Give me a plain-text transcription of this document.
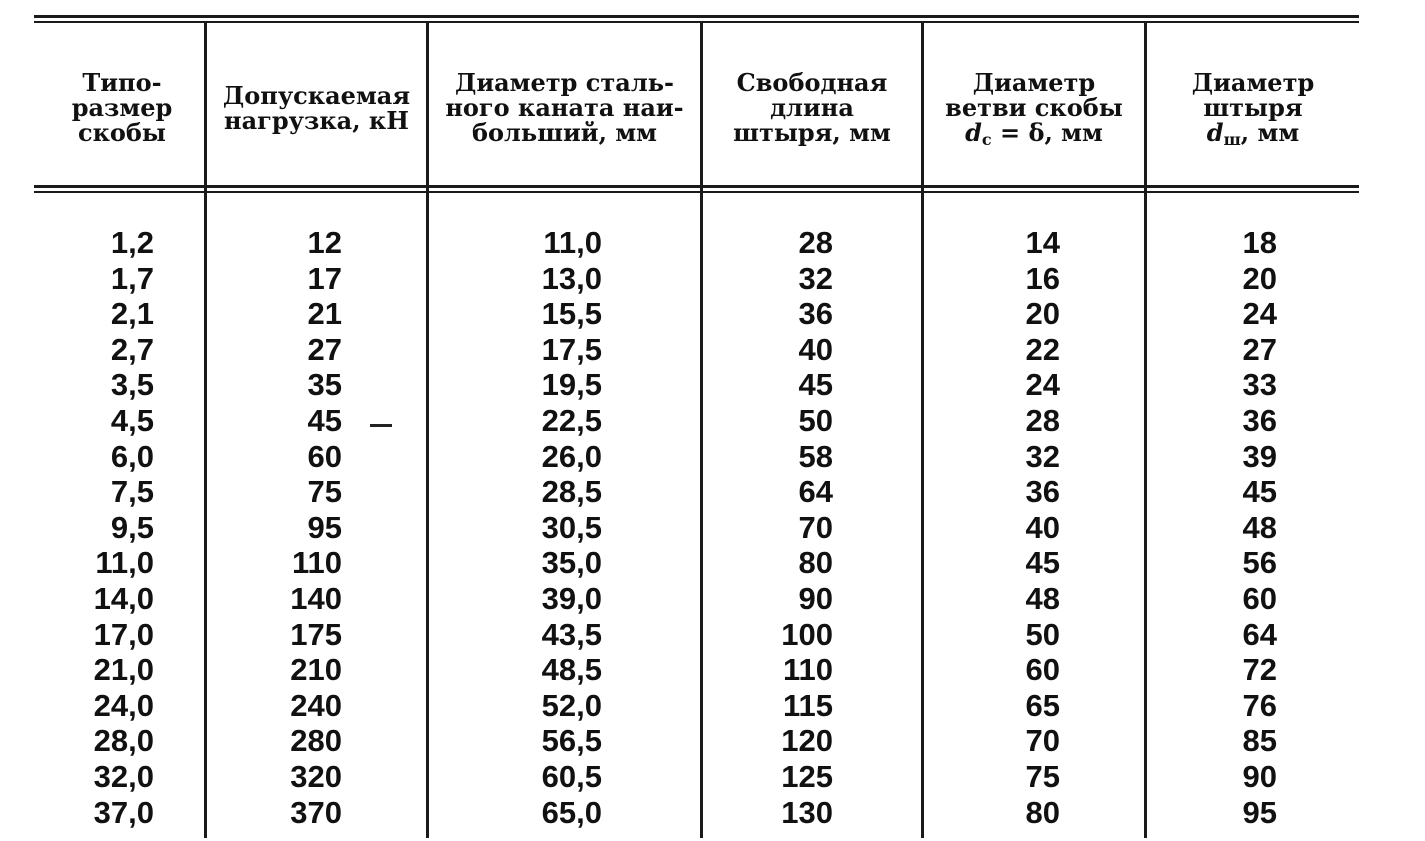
Типо-
размер
скобы
Допускаемая
нагрузка, кН
Диаметр сталь-
ного каната наи-
больший, мм
Свободная
длина
штыря, мм
Диаметр
ветви скобы
$d_c = \delta$, мм
Диаметр
штыря
$d_ш$, мм
1,2
1,7
2,1
2,7
3,5
4,5
6,0
7,5
9,5
11,0
14,0
17,0
21,0
24,0
28,0
32,0
37,0
12
17
21
27
35
45
60
75
95
110
140
175
210
240
280
320
370
11,0
13,0
15,5
17,5
19,5
22,5
26,0
28,5
30,5
35,0
39,0
43,5
48,5
52,0
56,5
60,5
65,0
28
32
36
40
45
50
58
64
70
80
90
100
110
115
120
125
130
14
16
20
22
24
28
32
36
40
45
48
50
60
65
70
75
80
18
20
24
27
33
36
39
45
48
56
60
64
72
76
85
90
95
